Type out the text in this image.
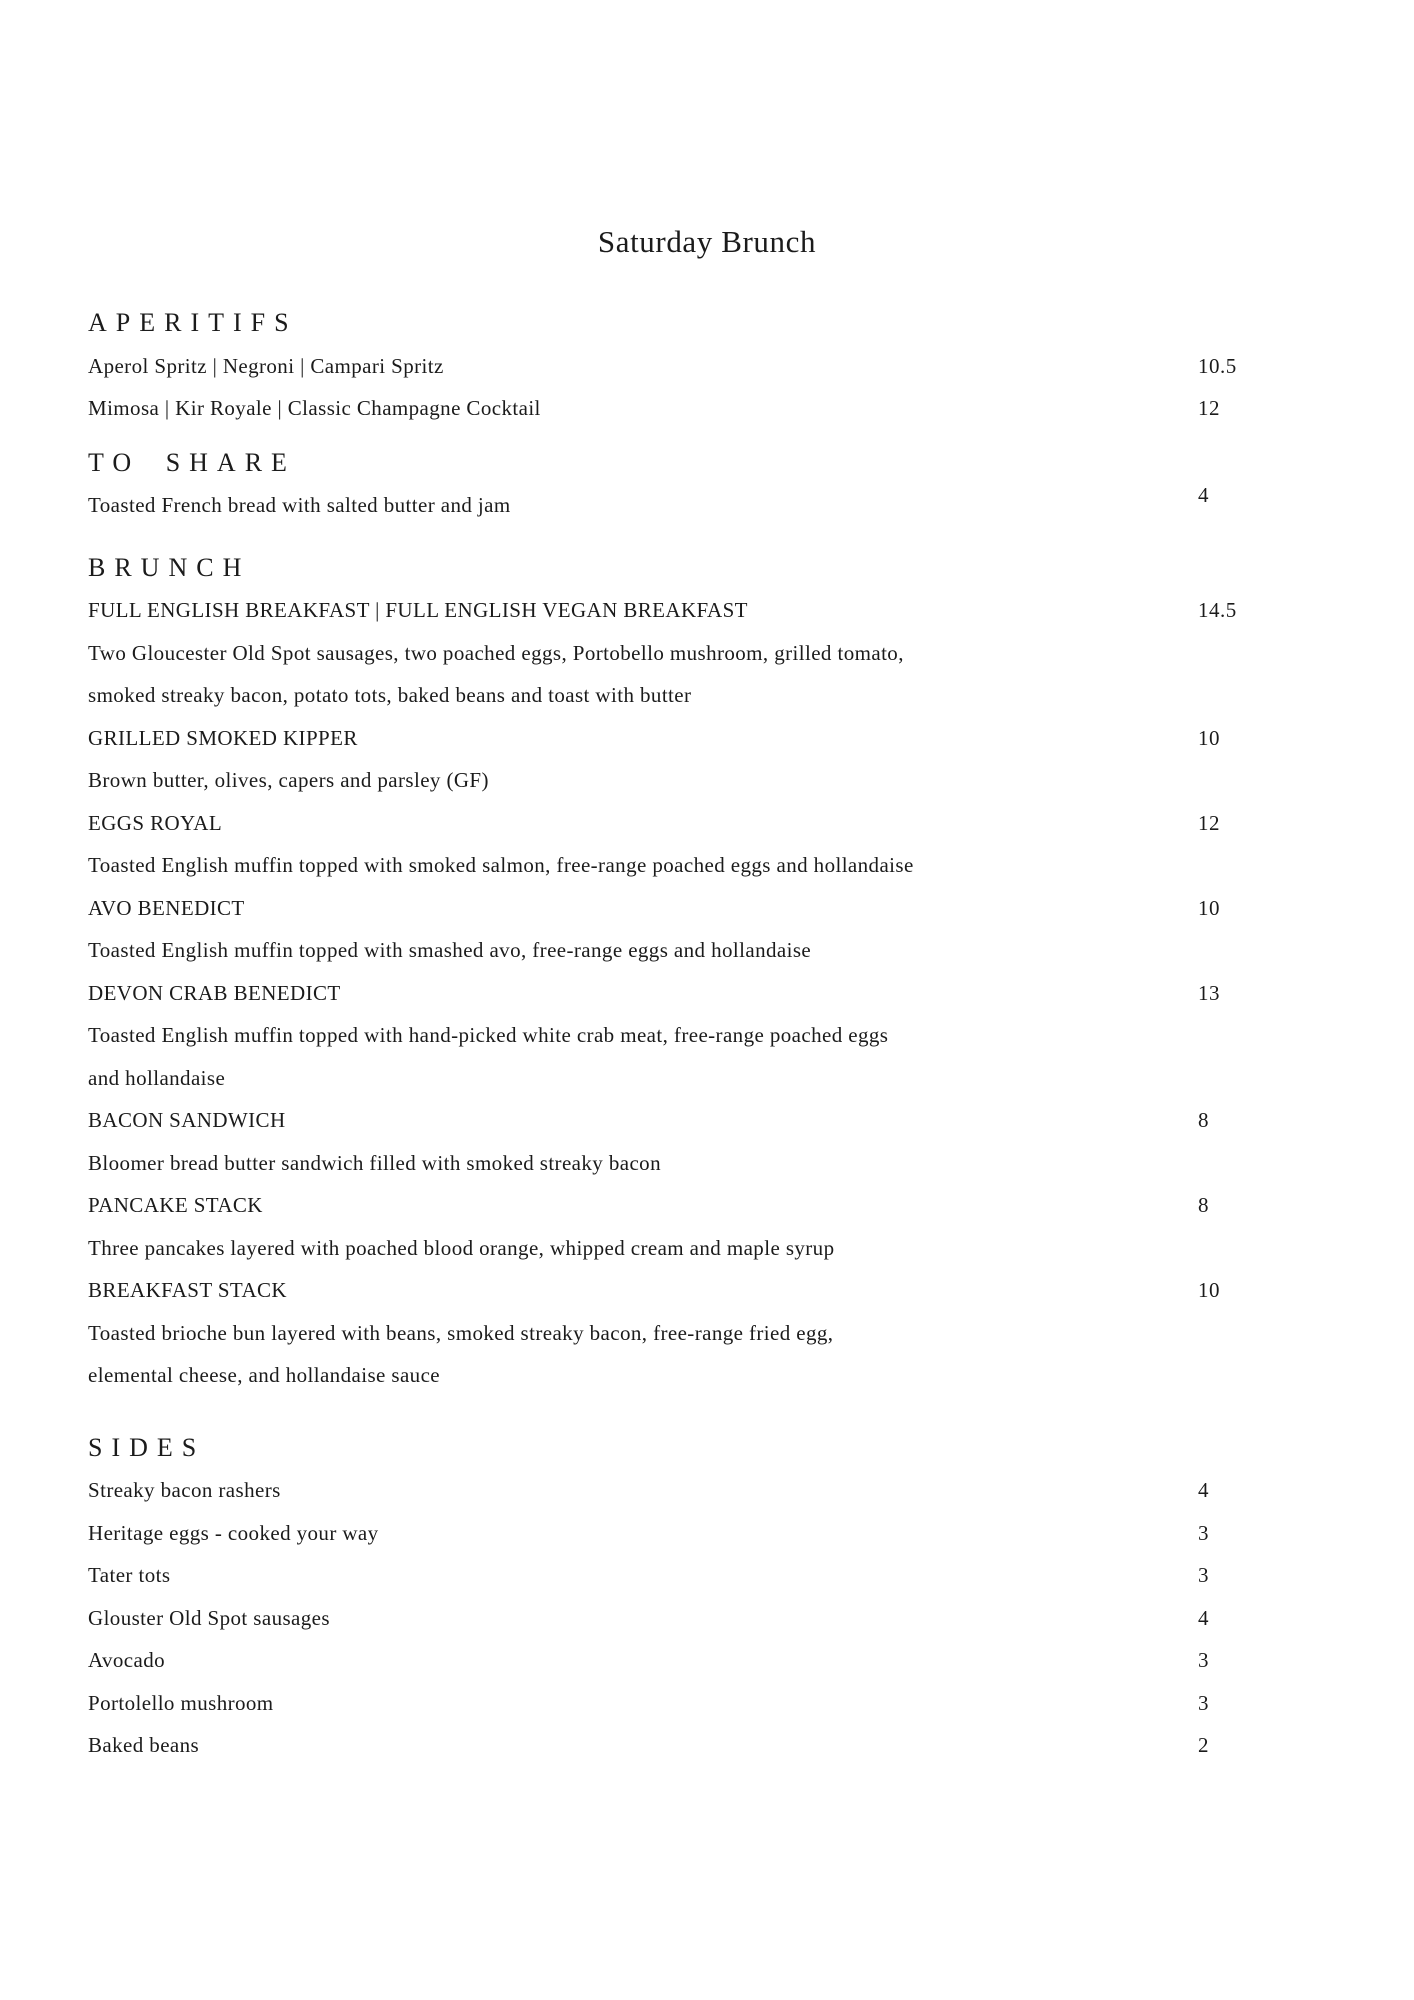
Saturday Brunch
APERITIFS
Aperol Spritz | Negroni | Campari Spritz	10.5
Mimosa | Kir Royale | Classic Champagne Cocktail	12
TO SHARE
Toasted French bread with salted butter and jam	4
BRUNCH
FULL ENGLISH BREAKFAST | FULL ENGLISH VEGAN BREAKFAST	14.5
Two Gloucester Old Spot sausages, two poached eggs, Portobello mushroom, grilled tomato,
smoked streaky bacon, potato tots, baked beans and toast with butter
GRILLED SMOKED KIPPER	10
Brown butter, olives, capers and parsley (GF)
EGGS ROYAL	12
Toasted English muffin topped with smoked salmon, free-range poached eggs and hollandaise
AVO BENEDICT	10
Toasted English muffin topped with smashed avo, free-range eggs and hollandaise
DEVON CRAB BENEDICT	13
Toasted English muffin topped with hand-picked white crab meat, free-range poached eggs
and hollandaise
BACON SANDWICH	8
Bloomer bread butter sandwich filled with smoked streaky bacon
PANCAKE STACK	8
Three pancakes layered with poached blood orange, whipped cream and maple syrup
BREAKFAST STACK	10
Toasted brioche bun layered with beans, smoked streaky bacon, free-range fried egg,
elemental cheese, and hollandaise sauce
SIDES
Streaky bacon rashers	4
Heritage eggs - cooked your way	3
Tater tots	3
Glouster Old Spot sausages	4
Avocado	3
Portolello mushroom	3
Baked beans	2
